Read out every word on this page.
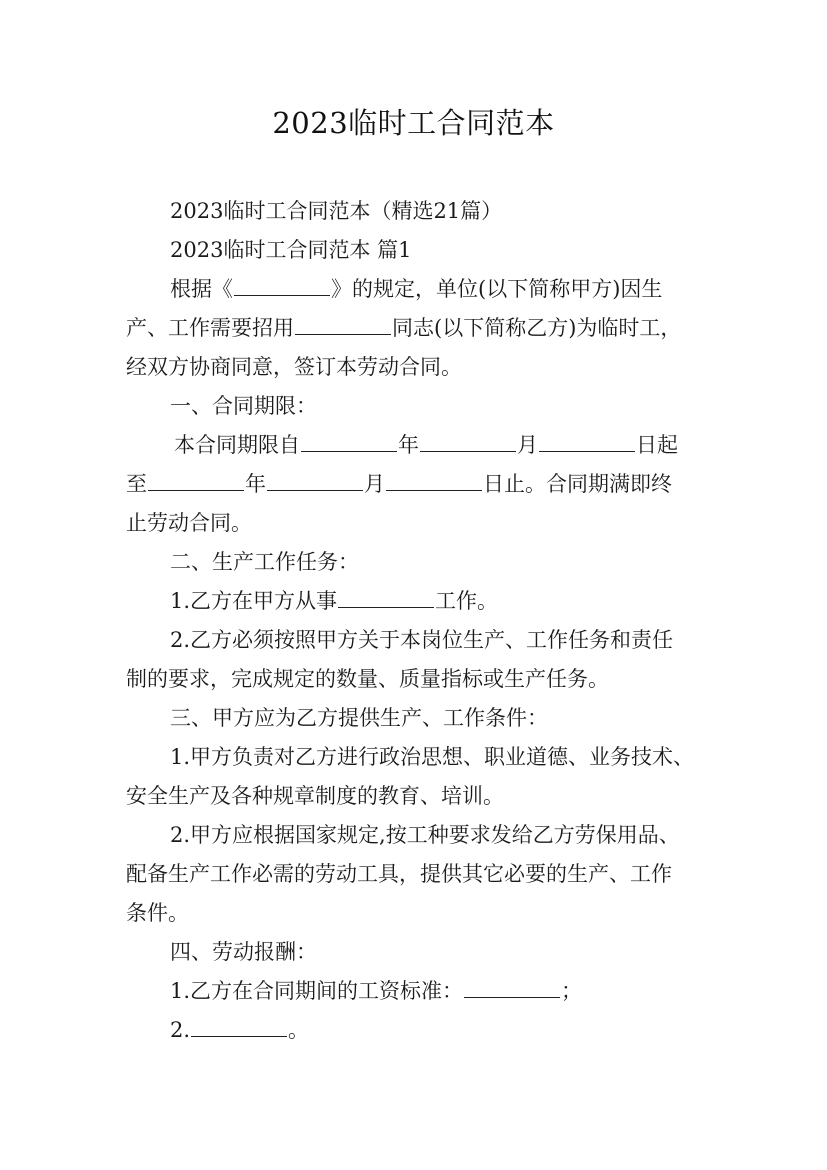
2023临时工合同范本
2023临时工合同范本（精选21篇）
2023临时工合同范本 篇1
根据《	》的规定，单位(以下简称甲方)因生
产、工作需要招用	同志(以下简称乙方)为临时工，
经双方协商同意，签订本劳动合同。
一、合同期限：
本合同期限自	年	月	日起
至	年	月	日止。合同期满即终
止劳动合同。
二、生产工作任务：
1.乙方在甲方从事	工作。
2.乙方必须按照甲方关于本岗位生产、工作任务和责任
制的要求，完成规定的数量、质量指标或生产任务。
三、甲方应为乙方提供生产、工作条件：
1.甲方负责对乙方进行政治思想、职业道德、业务技术、
安全生产及各种规章制度的教育、培训。
2.甲方应根据国家规定,按工种要求发给乙方劳保用品、
配备生产工作必需的劳动工具，提供其它必要的生产、工作
条件。
四、劳动报酬：
1.乙方在合同期间的工资标准：	；
2.	。
